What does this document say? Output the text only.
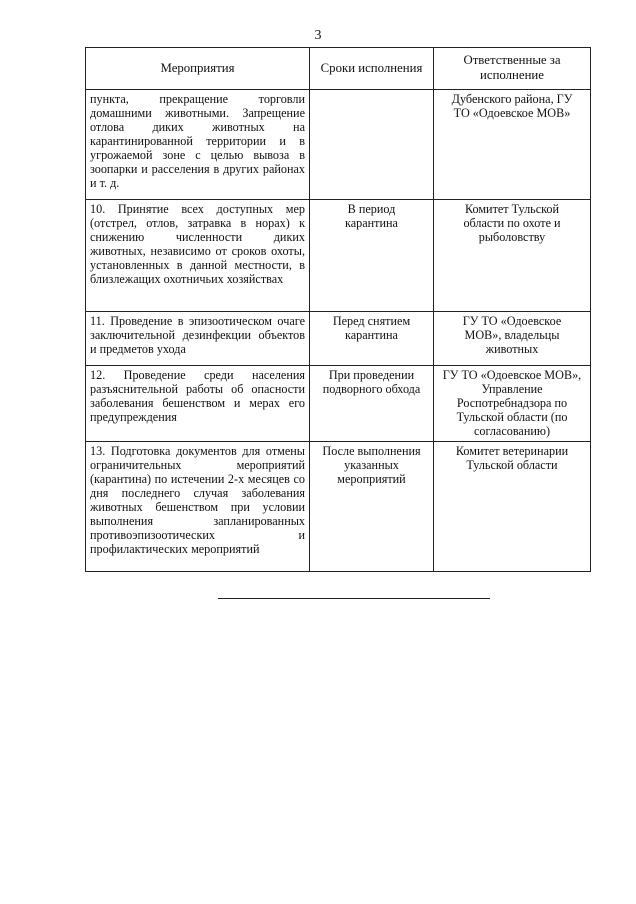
3
Мероприятия	Сроки исполнения	Ответственные за исполнение
пункта, прекращение торговли домашними животными. Запрещение отлова диких животных на карантинированной территории и в угрожаемой зоне с целью вывоза в зоопарки и расселения в других районах и т. д.		Дубенского района, ГУ ТО «Одоевское МОВ»
10. Принятие всех доступных мер (отстрел, отлов, затравка в норах) к снижению численности диких животных, независимо от сроков охоты, установленных в данной местности, в близлежащих охотничьих хозяйствах	В период карантина	Комитет Тульской области по охоте и рыболовству
11. Проведение в эпизоотическом очаге заключительной дезинфекции объектов и предметов ухода	Перед снятием карантина	ГУ ТО «Одоевское МОВ», владельцы животных
12. Проведение среди населения разъяснительной работы об опасности заболевания бешенством и мерах его предупреждения	При проведении подворного обхода	ГУ ТО «Одоевское МОВ», Управление Роспотребнадзора по Тульской области (по согласованию)
13. Подготовка документов для отмены ограничительных мероприятий (карантина) по истечении 2-х месяцев со дня последнего случая заболевания животных бешенством при условии выполнения запланированных противоэпизоотических и профилактических мероприятий	После выполнения указанных мероприятий	Комитет ветеринарии Тульской области
